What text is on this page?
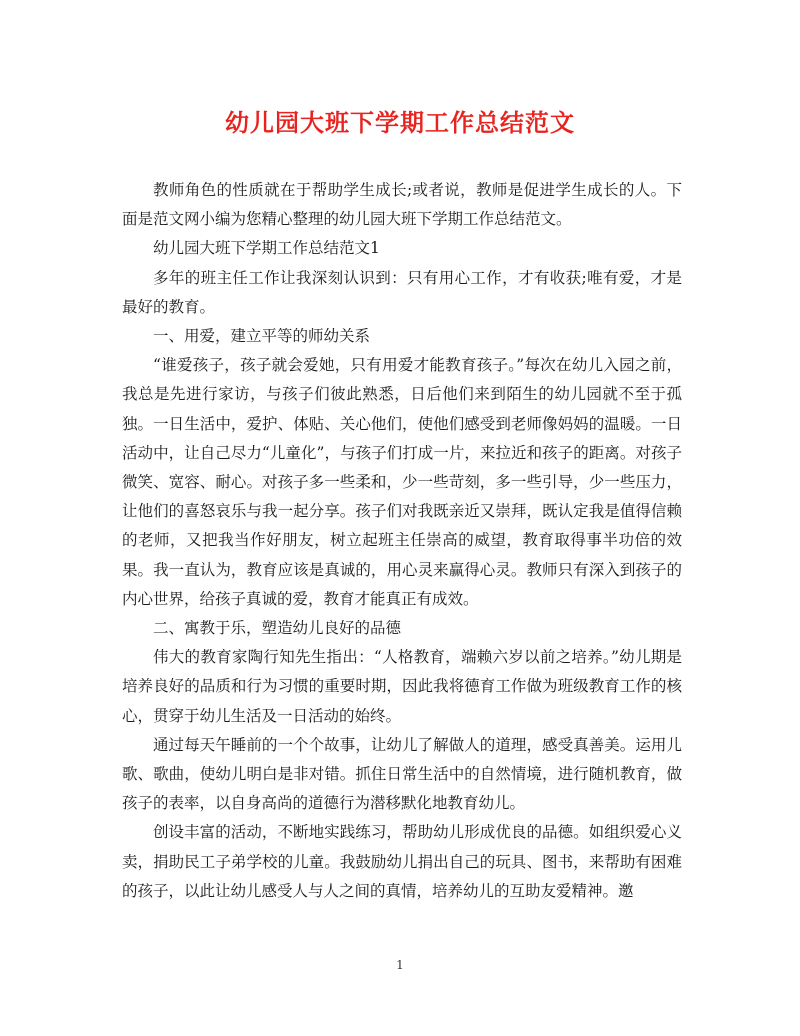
幼儿园大班下学期工作总结范文

教师角色的性质就在于帮助学生成长;或者说，教师是促进学生成长的人。下面是范文网小编为您精心整理的幼儿园大班下学期工作总结范文。

幼儿园大班下学期工作总结范文1

多年的班主任工作让我深刻认识到：只有用心工作，才有收获;唯有爱，才是最好的教育。

一、用爱，建立平等的师幼关系

“谁爱孩子，孩子就会爱她，只有用爱才能教育孩子。”每次在幼儿入园之前，我总是先进行家访，与孩子们彼此熟悉，日后他们来到陌生的幼儿园就不至于孤独。一日生活中，爱护、体贴、关心他们，使他们感受到老师像妈妈的温暖。一日活动中，让自己尽力“儿童化”，与孩子们打成一片，来拉近和孩子的距离。对孩子微笑、宽容、耐心。对孩子多一些柔和，少一些苛刻，多一些引导，少一些压力，让他们的喜怒哀乐与我一起分享。孩子们对我既亲近又崇拜，既认定我是值得信赖的老师，又把我当作好朋友，树立起班主任崇高的威望，教育取得事半功倍的效果。我一直认为，教育应该是真诚的，用心灵来赢得心灵。教师只有深入到孩子的内心世界，给孩子真诚的爱，教育才能真正有成效。

二、寓教于乐，塑造幼儿良好的品德

伟大的教育家陶行知先生指出：“人格教育，端赖六岁以前之培养。”幼儿期是培养良好的品质和行为习惯的重要时期，因此我将德育工作做为班级教育工作的核心，贯穿于幼儿生活及一日活动的始终。

通过每天午睡前的一个个故事，让幼儿了解做人的道理，感受真善美。运用儿歌、歌曲，使幼儿明白是非对错。抓住日常生活中的自然情境，进行随机教育，做孩子的表率，以自身高尚的道德行为潜移默化地教育幼儿。

创设丰富的活动，不断地实践练习，帮助幼儿形成优良的品德。如组织爱心义卖，捐助民工子弟学校的儿童。我鼓励幼儿捐出自己的玩具、图书，来帮助有困难的孩子，以此让幼儿感受人与人之间的真情，培养幼儿的互助友爱精神。邀

1
